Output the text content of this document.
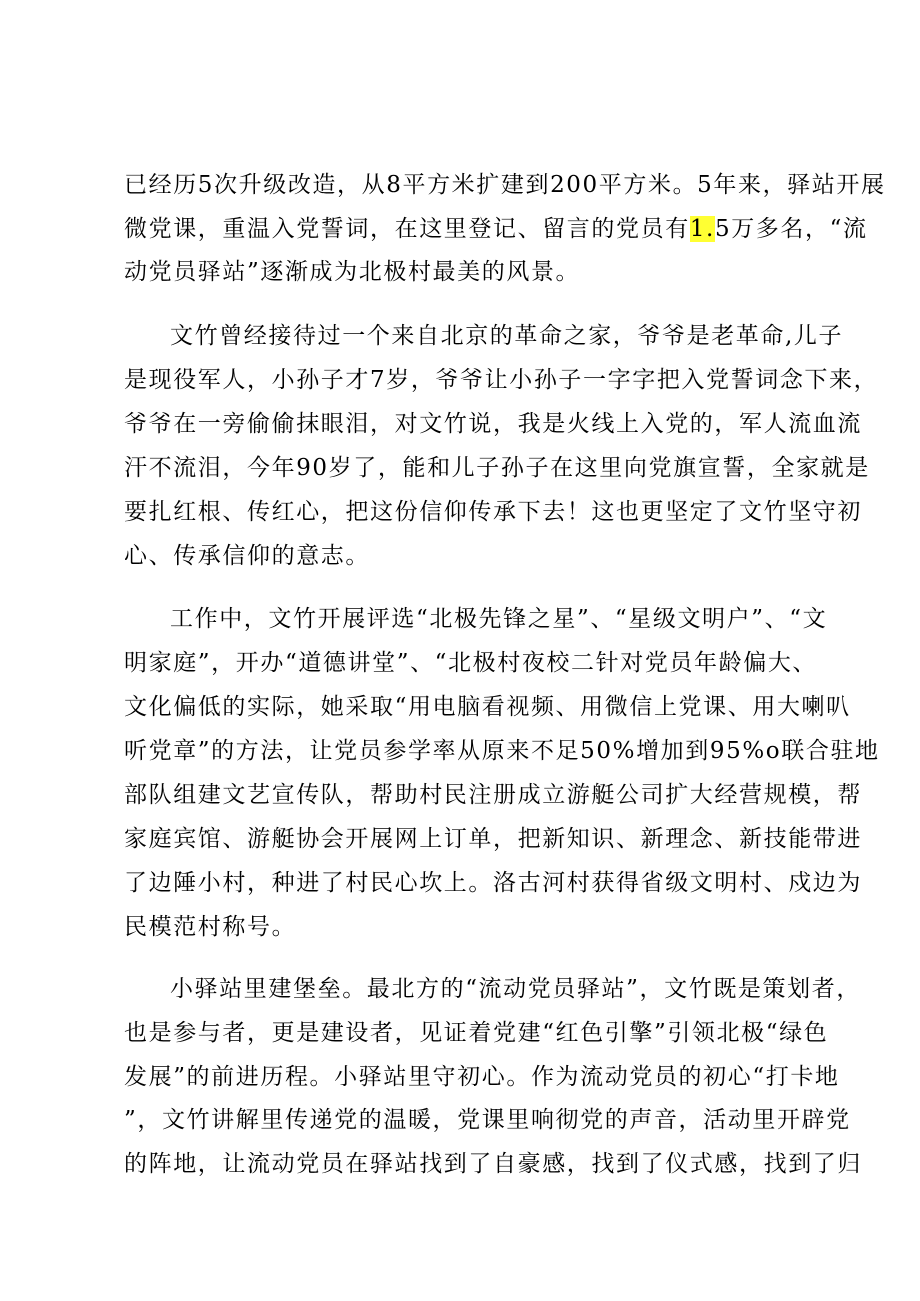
已经历5次升级改造，从8平方米扩建到200平方米。5年来，驿站开展
微党课，重温入党誓词，在这里登记、留言的党员有1.5万多名，“流
动党员驿站”逐渐成为北极村最美的风景。
文竹曾经接待过一个来自北京的革命之家，爷爷是老革命,儿子
是现役军人，小孙子才7岁，爷爷让小孙子一字字把入党誓词念下来，
爷爷在一旁偷偷抹眼泪，对文竹说，我是火线上入党的，军人流血流
汗不流泪，今年90岁了，能和儿子孙子在这里向党旗宣誓，全家就是
要扎红根、传红心，把这份信仰传承下去！这也更坚定了文竹坚守初
心、传承信仰的意志。
工作中，文竹开展评选“北极先锋之星”、“星级文明户”、“文
明家庭”，开办“道德讲堂”、“北极村夜校二针对党员年龄偏大、
文化偏低的实际，她采取“用电脑看视频、用微信上党课、用大喇叭
听党章”的方法，让党员参学率从原来不足50%增加到95%o联合驻地
部队组建文艺宣传队，帮助村民注册成立游艇公司扩大经营规模，帮
家庭宾馆、游艇协会开展网上订单，把新知识、新理念、新技能带进
了边陲小村，种进了村民心坎上。洛古河村获得省级文明村、戍边为
民模范村称号。
小驿站里建堡垒。最北方的“流动党员驿站”，文竹既是策划者，
也是参与者，更是建设者，见证着党建“红色引擎”引领北极“绿色
发展”的前进历程。小驿站里守初心。作为流动党员的初心“打卡地
”，文竹讲解里传递党的温暖，党课里响彻党的声音，活动里开辟党
的阵地，让流动党员在驿站找到了自豪感，找到了仪式感，找到了归
